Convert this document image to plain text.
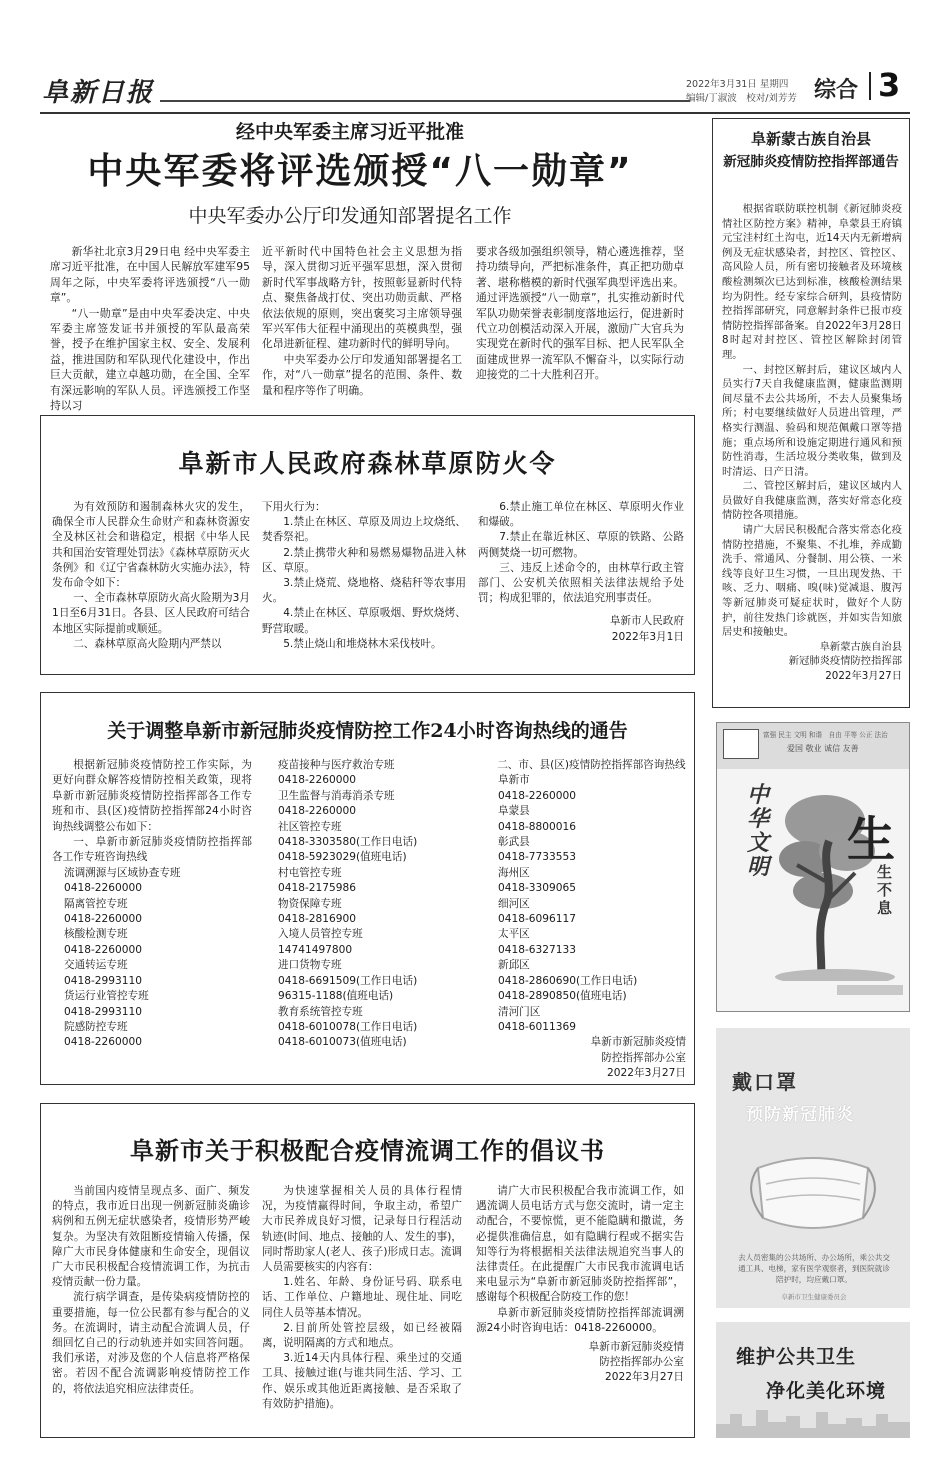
阜新日报	2022年3月31日 星期四
编辑/丁淑波　校对/刘芳芳 综合 3
经中央军委主席习近平批准
中央军委将评选颁授“八一勋章”
中央军委办公厅印发通知部署提名工作

新华社北京3月29日电 经中央军委主席习近平批准，在中国人民解放军建军95周年之际，中央军委将评选颁授“八一勋章”。

“八一勋章”是由中央军委决定、中央军委主席签发证书并颁授的军队最高荣誉，授予在维护国家主权、安全、发展利益，推进国防和军队现代化建设中，作出巨大贡献，建立卓越功勋，在全国、全军有深远影响的军队人员。评选颁授工作坚持以习

近平新时代中国特色社会主义思想为指导，深入贯彻习近平强军思想，深入贯彻新时代军事战略方针，按照彰显新时代特点、聚焦备战打仗、突出功勋贡献、严格依法依规的原则，突出褒奖习主席领导强军兴军伟大征程中涌现出的英模典型，强化昂进新征程、建功新时代的鲜明导向。

中央军委办公厅印发通知部署提名工作，对“八一勋章”提名的范围、条件、数量和程序等作了明确。

要求各级加强组织领导，精心遴选推荐，坚持功绩导向，严把标准条件，真正把功勋卓著、堪称楷模的新时代强军典型评选出来。通过评选颁授“八一勋章”，扎实推动新时代军队功勋荣誉表彰制度落地运行，促进新时代立功创模活动深入开展，激励广大官兵为实现党在新时代的强军目标、把人民军队全面建成世界一流军队不懈奋斗，以实际行动迎接党的二十大胜利召开。

阜新蒙古族自治县
新冠肺炎疫情防控指挥部通告

根据省联防联控机制《新冠肺炎疫情社区防控方案》精神，阜蒙县王府镇元宝洼村红土沟屯，近14天内无新增病例及无症状感染者，封控区、管控区、高风险人员，所有密切接触者及环境核酸检测频次已达到标准，核酸检测结果均为阴性。经专家综合研判，县疫情防控指挥部研究，同意解封条件已报市疫情防控指挥部备案。自2022年3月28日8时起对封控区、管控区解除封闭管理。

一、封控区解封后，建议区域内人员实行7天自我健康监测，健康监测期间尽量不去公共场所，不去人员聚集场所；村屯要继续做好人员进出管理，严格实行测温、验码和规范佩戴口罩等措施；重点场所和设施定期进行通风和预防性消毒，生活垃圾分类收集，做到及时清运、日产日清。

二、管控区解封后，建议区域内人员做好自我健康监测，落实好常态化疫情防控各项措施。

请广大居民积极配合落实常态化疫情防控措施，不聚集、不扎堆，养成勤洗手、常通风、分餐制、用公筷、一米线等良好卫生习惯，一旦出现发热、干咳、乏力、咽痛、嗅(味)觉减退、腹泻等新冠肺炎可疑症状时，做好个人防护，前往发热门诊就医，并如实告知旅居史和接触史。

阜新蒙古族自治县

新冠肺炎疫情防控指挥部

2022年3月27日

阜新市人民政府森林草原防火令

为有效预防和遏制森林火灾的发生，确保全市人民群众生命财产和森林资源安全及林区社会和谐稳定，根据《中华人民共和国治安管理处罚法》《森林草原防灭火条例》和《辽宁省森林防火实施办法》，特发布命令如下：

一、全市森林草原防火高火险期为3月1日至6月31日。各县、区人民政府可结合本地区实际提前或顺延。

二、森林草原高火险期内严禁以

下用火行为：

1.禁止在林区、草原及周边上坟烧纸、焚香祭祀。

2.禁止携带火种和易燃易爆物品进入林区、草原。

3.禁止烧荒、烧地格、烧秸秆等农事用火。

4.禁止在林区、草原吸烟、野炊烧烤、野营取暖。

5.禁止烧山和堆烧林木采伐枝叶。

6.禁止施工单位在林区、草原明火作业和爆破。

7.禁止在靠近林区、草原的铁路、公路两侧焚烧一切可燃物。

三、违反上述命令的，由林草行政主管部门、公安机关依照相关法律法规给予处罚；构成犯罪的，依法追究刑事责任。

阜新市人民政府

2022年3月1日

关于调整阜新市新冠肺炎疫情防控工作24小时咨询热线的通告

根据新冠肺炎疫情防控工作实际，为更好向群众解答疫情防控相关政策，现将阜新市新冠肺炎疫情防控指挥部各工作专班和市、县(区)疫情防控指挥部24小时咨询热线调整公布如下：

一、阜新市新冠肺炎疫情防控指挥部各工作专班咨询热线

流调溯源与区域协查专班

0418-2260000

隔离管控专班

0418-2260000

核酸检测专班

0418-2260000

交通转运专班

0418-2993110

货运行业管控专班

0418-2993110

院感防控专班

0418-2260000

疫苗接种与医疗救治专班

0418-2260000

卫生监督与消毒消杀专班

0418-2260000

社区管控专班

0418-3303580(工作日电话)

0418-5923029(值班电话)

村屯管控专班

0418-2175986

物资保障专班

0418-2816900

入境人员管控专班

14741497800

进口货物专班

0418-6691509(工作日电话)

96315-1188(值班电话)

教育系统管控专班

0418-6010078(工作日电话)

0418-6010073(值班电话)

二、市、县(区)疫情防控指挥部咨询热线

阜新市

0418-2260000

阜蒙县

0418-8800016

彰武县

0418-7733553

海州区

0418-3309065

细河区

0418-6096117

太平区

0418-6327133

新邱区

0418-2860690(工作日电话)

0418-2890850(值班电话)

清河门区

0418-6011369

阜新市新冠肺炎疫情

防控指挥部办公室

2022年3月27日

富强 民主 文明 和谐　自由 平等 公正 法治
爱国 敬业 诚信 友善
中华文明 生
生不息
戴口罩
预防新冠肺炎
去人员密集的公共场所、办公场所，乘公共交通工具、电梯，家有医学观察者，到医院就诊陪护时，均应戴口罩。
阜新市卫生健康委员会
维护公共卫生
净化美化环境
阜新市关于积极配合疫情流调工作的倡议书

当前国内疫情呈现点多、面广、频发的特点，我市近日出现一例新冠肺炎确诊病例和五例无症状感染者，疫情形势严峻复杂。为坚决有效阻断疫情输入传播，保障广大市民身体健康和生命安全，现倡议广大市民积极配合疫情流调工作，为抗击疫情贡献一份力量。

流行病学调查，是传染病疫情防控的重要措施，每一位公民都有参与配合的义务。在流调时，请主动配合流调人员，仔细回忆自己的行动轨迹并如实回答问题。我们承诺，对涉及您的个人信息将严格保密。若因不配合流调影响疫情防控工作的，将依法追究相应法律责任。

为快速掌握相关人员的具体行程情况，为疫情赢得时间，争取主动，希望广大市民养成良好习惯，记录每日行程活动轨迹(时间、地点、接触的人、发生的事)，同时帮助家人(老人、孩子)形成日志。流调人员需要核实的内容有：

1.姓名、年龄、身份证号码、联系电话、工作单位、户籍地址、现住址、同吃同住人员等基本情况。

2.目前所处管控层级，如已经被隔离，说明隔离的方式和地点。

3.近14天内具体行程、乘坐过的交通工具、接触过谁(与谁共同生活、学习、工作、娱乐或其他近距离接触、是否采取了有效防护措施)。

请广大市民积极配合我市流调工作，如遇流调人员电话方式与您交流时，请一定主动配合，不要惊慌，更不能隐瞒和撒谎，务必提供准确信息，如有隐瞒行程或不据实告知等行为将根据相关法律法规追究当事人的法律责任。在此提醒广大市民我市流调电话来电显示为“阜新市新冠肺炎防控指挥部”，感谢每个积极配合防疫工作的您！

阜新市新冠肺炎疫情防控指挥部流调溯源24小时咨询电话：0418-2260000。

阜新市新冠肺炎疫情

防控指挥部办公室

2022年3月27日
